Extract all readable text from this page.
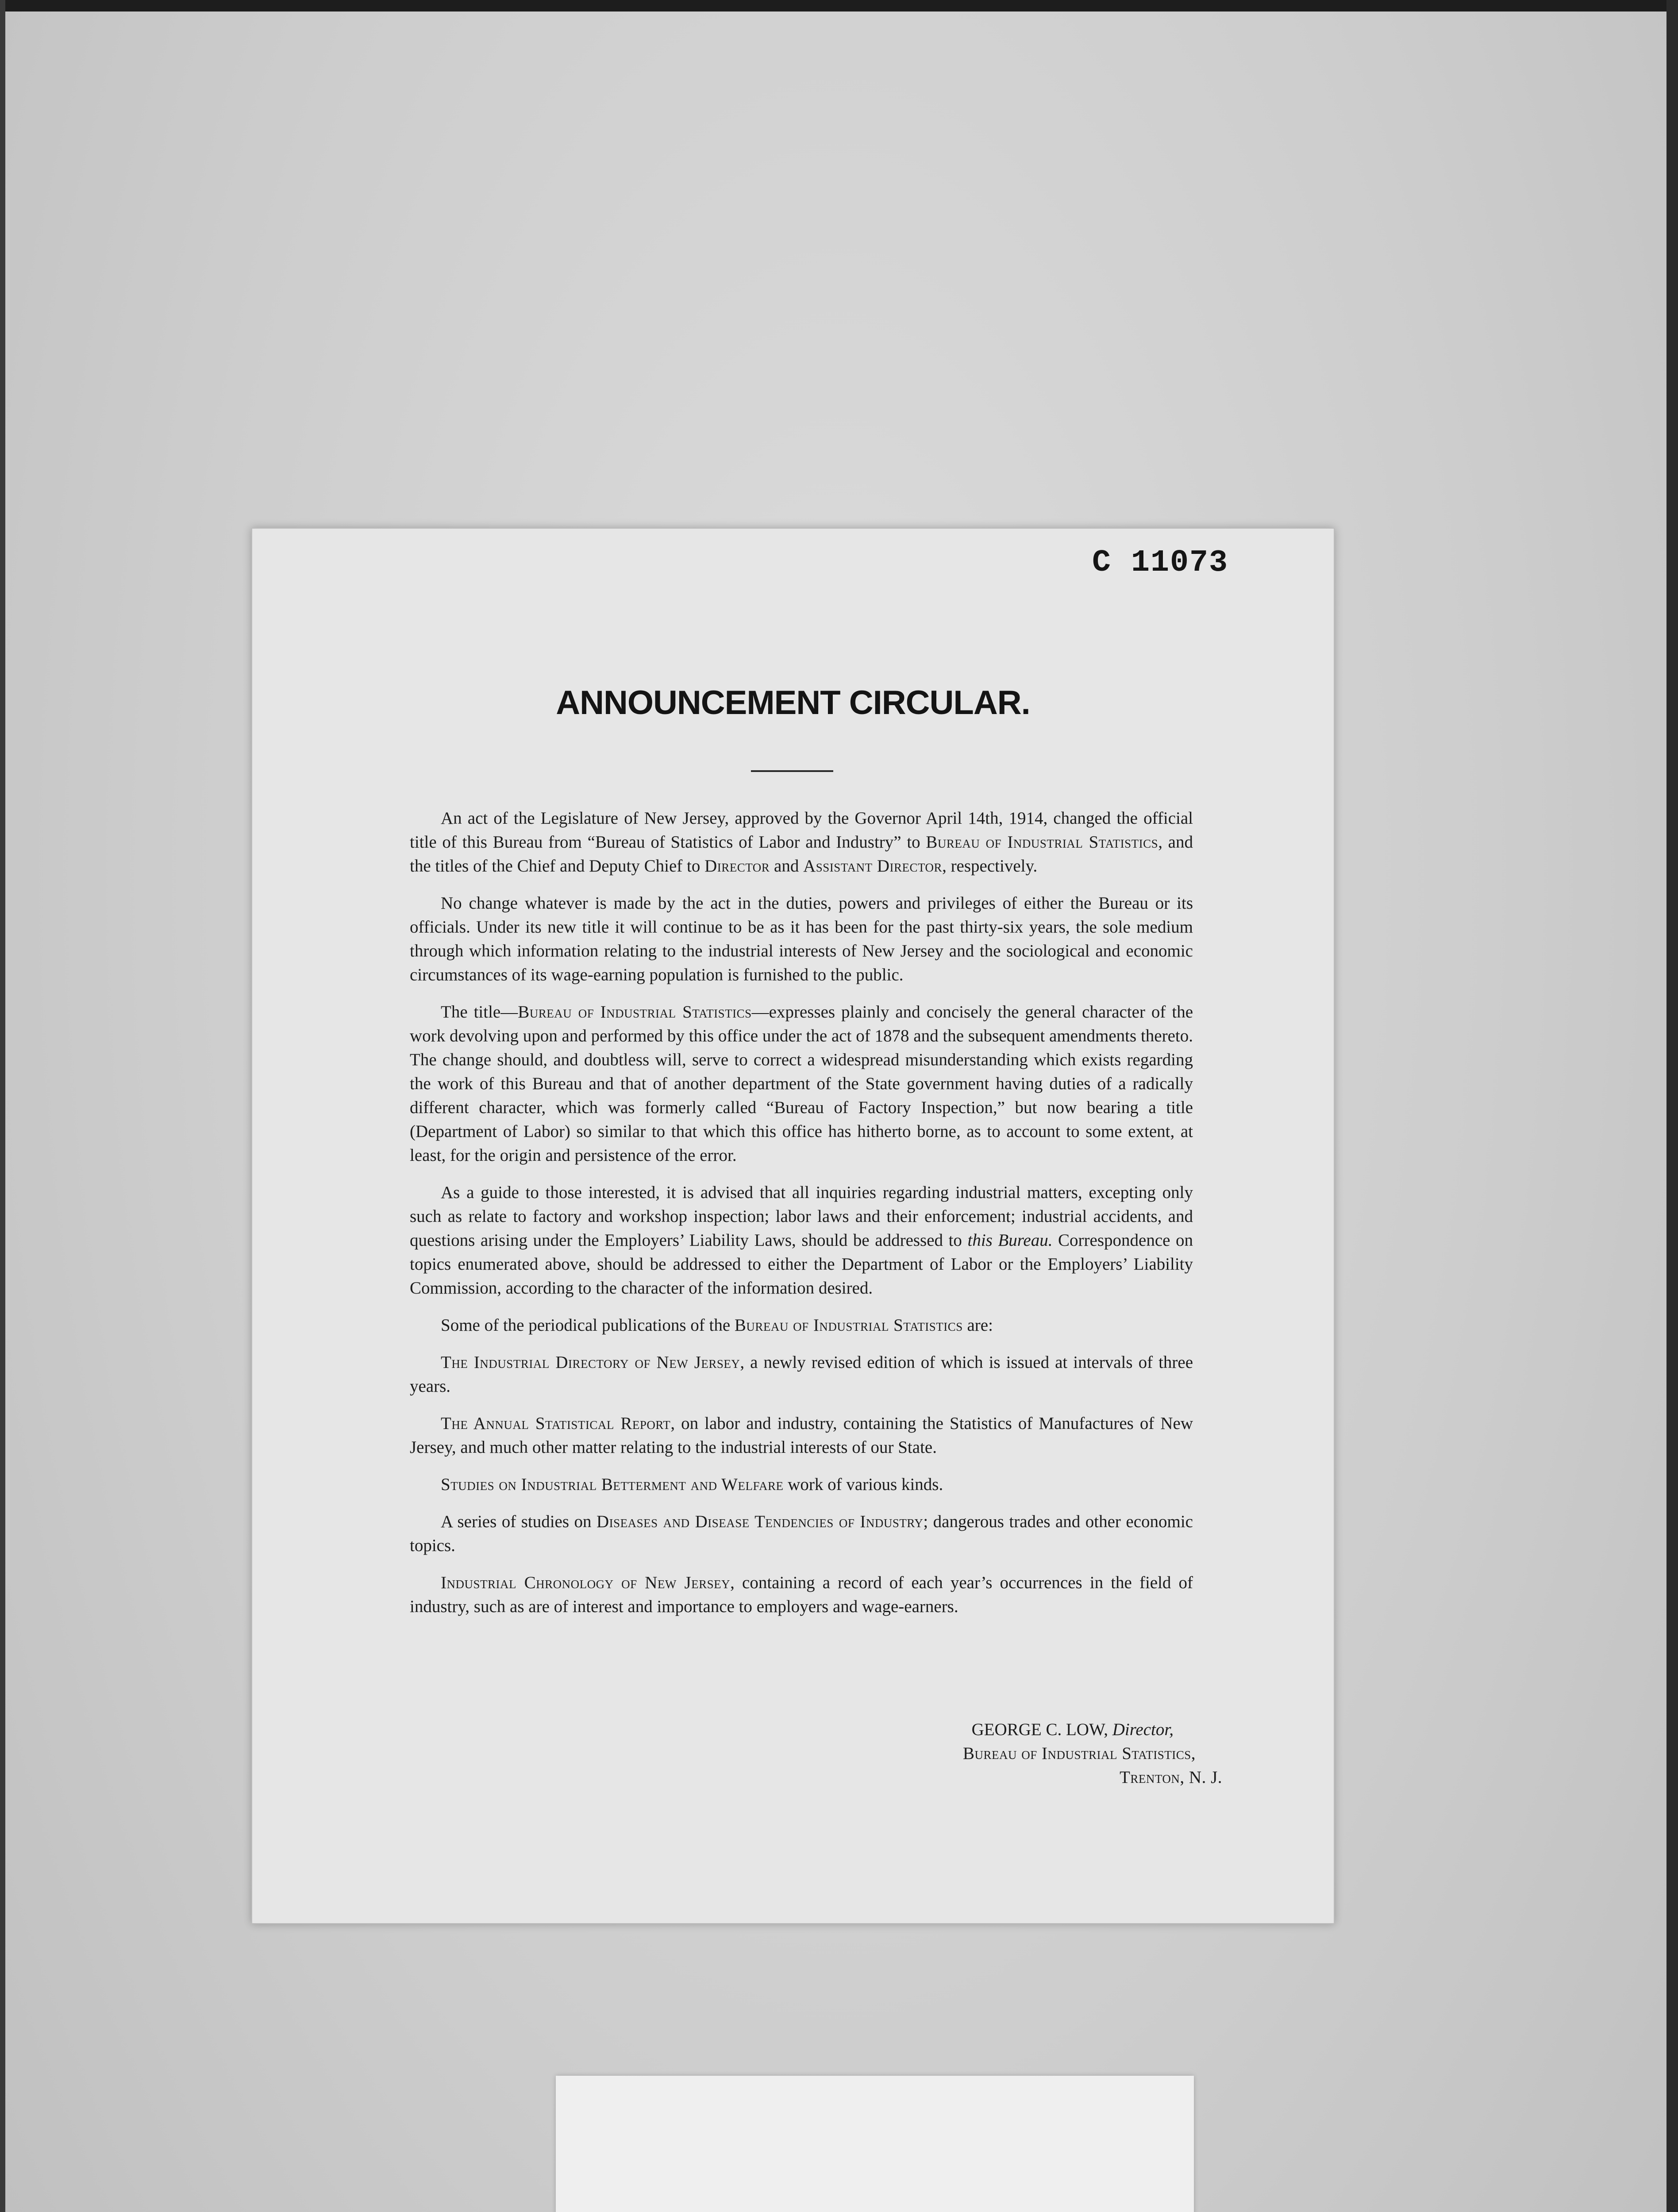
C 11073
ANNOUNCEMENT CIRCULAR.

An act of the Legislature of New Jersey, approved by the Governor April 14th, 1914, changed the official title of this Bureau from “Bureau of Statistics of Labor and Industry” to Bureau of Industrial Statistics, and the titles of the Chief and Deputy Chief to Director and Assistant Director, respectively.

No change whatever is made by the act in the duties, powers and privileges of either the Bureau or its officials. Under its new title it will continue to be as it has been for the past thirty-six years, the sole medium through which information relating to the industrial interests of New Jersey and the sociological and economic circumstances of its wage-earning population is furnished to the public.

The title—Bureau of Industrial Statistics—expresses plainly and concisely the general character of the work devolving upon and performed by this office under the act of 1878 and the subsequent amendments thereto. The change should, and doubtless will, serve to correct a widespread misunderstanding which exists regarding the work of this Bureau and that of another department of the State government having duties of a radically different character, which was formerly called “Bureau of Factory Inspection,” but now bearing a title (Department of Labor) so similar to that which this office has hitherto borne, as to account to some extent, at least, for the origin and persistence of the error.

As a guide to those interested, it is advised that all inquiries regarding industrial matters, excepting only such as relate to factory and workshop inspection; labor laws and their enforcement; industrial accidents, and questions arising under the Employers’ Liability Laws, should be addressed to this Bureau. Correspondence on topics enumerated above, should be addressed to either the Department of Labor or the Employers’ Liability Commission, according to the character of the information desired.

Some of the periodical publications of the Bureau of Industrial Statistics are:

The Industrial Directory of New Jersey, a newly revised edition of which is issued at intervals of three years.

The Annual Statistical Report, on labor and industry, containing the Statistics of Manufactures of New Jersey, and much other matter relating to the industrial interests of our State.

Studies on Industrial Betterment and Welfare work of various kinds.

A series of studies on Diseases and Disease Tendencies of Industry; dangerous trades and other economic topics.

Industrial Chronology of New Jersey, containing a record of each year’s occurrences in the field of industry, such as are of interest and importance to employers and wage-earners.

GEORGE C. LOW, Director,
Bureau of Industrial Statistics,
Trenton, N. J.
